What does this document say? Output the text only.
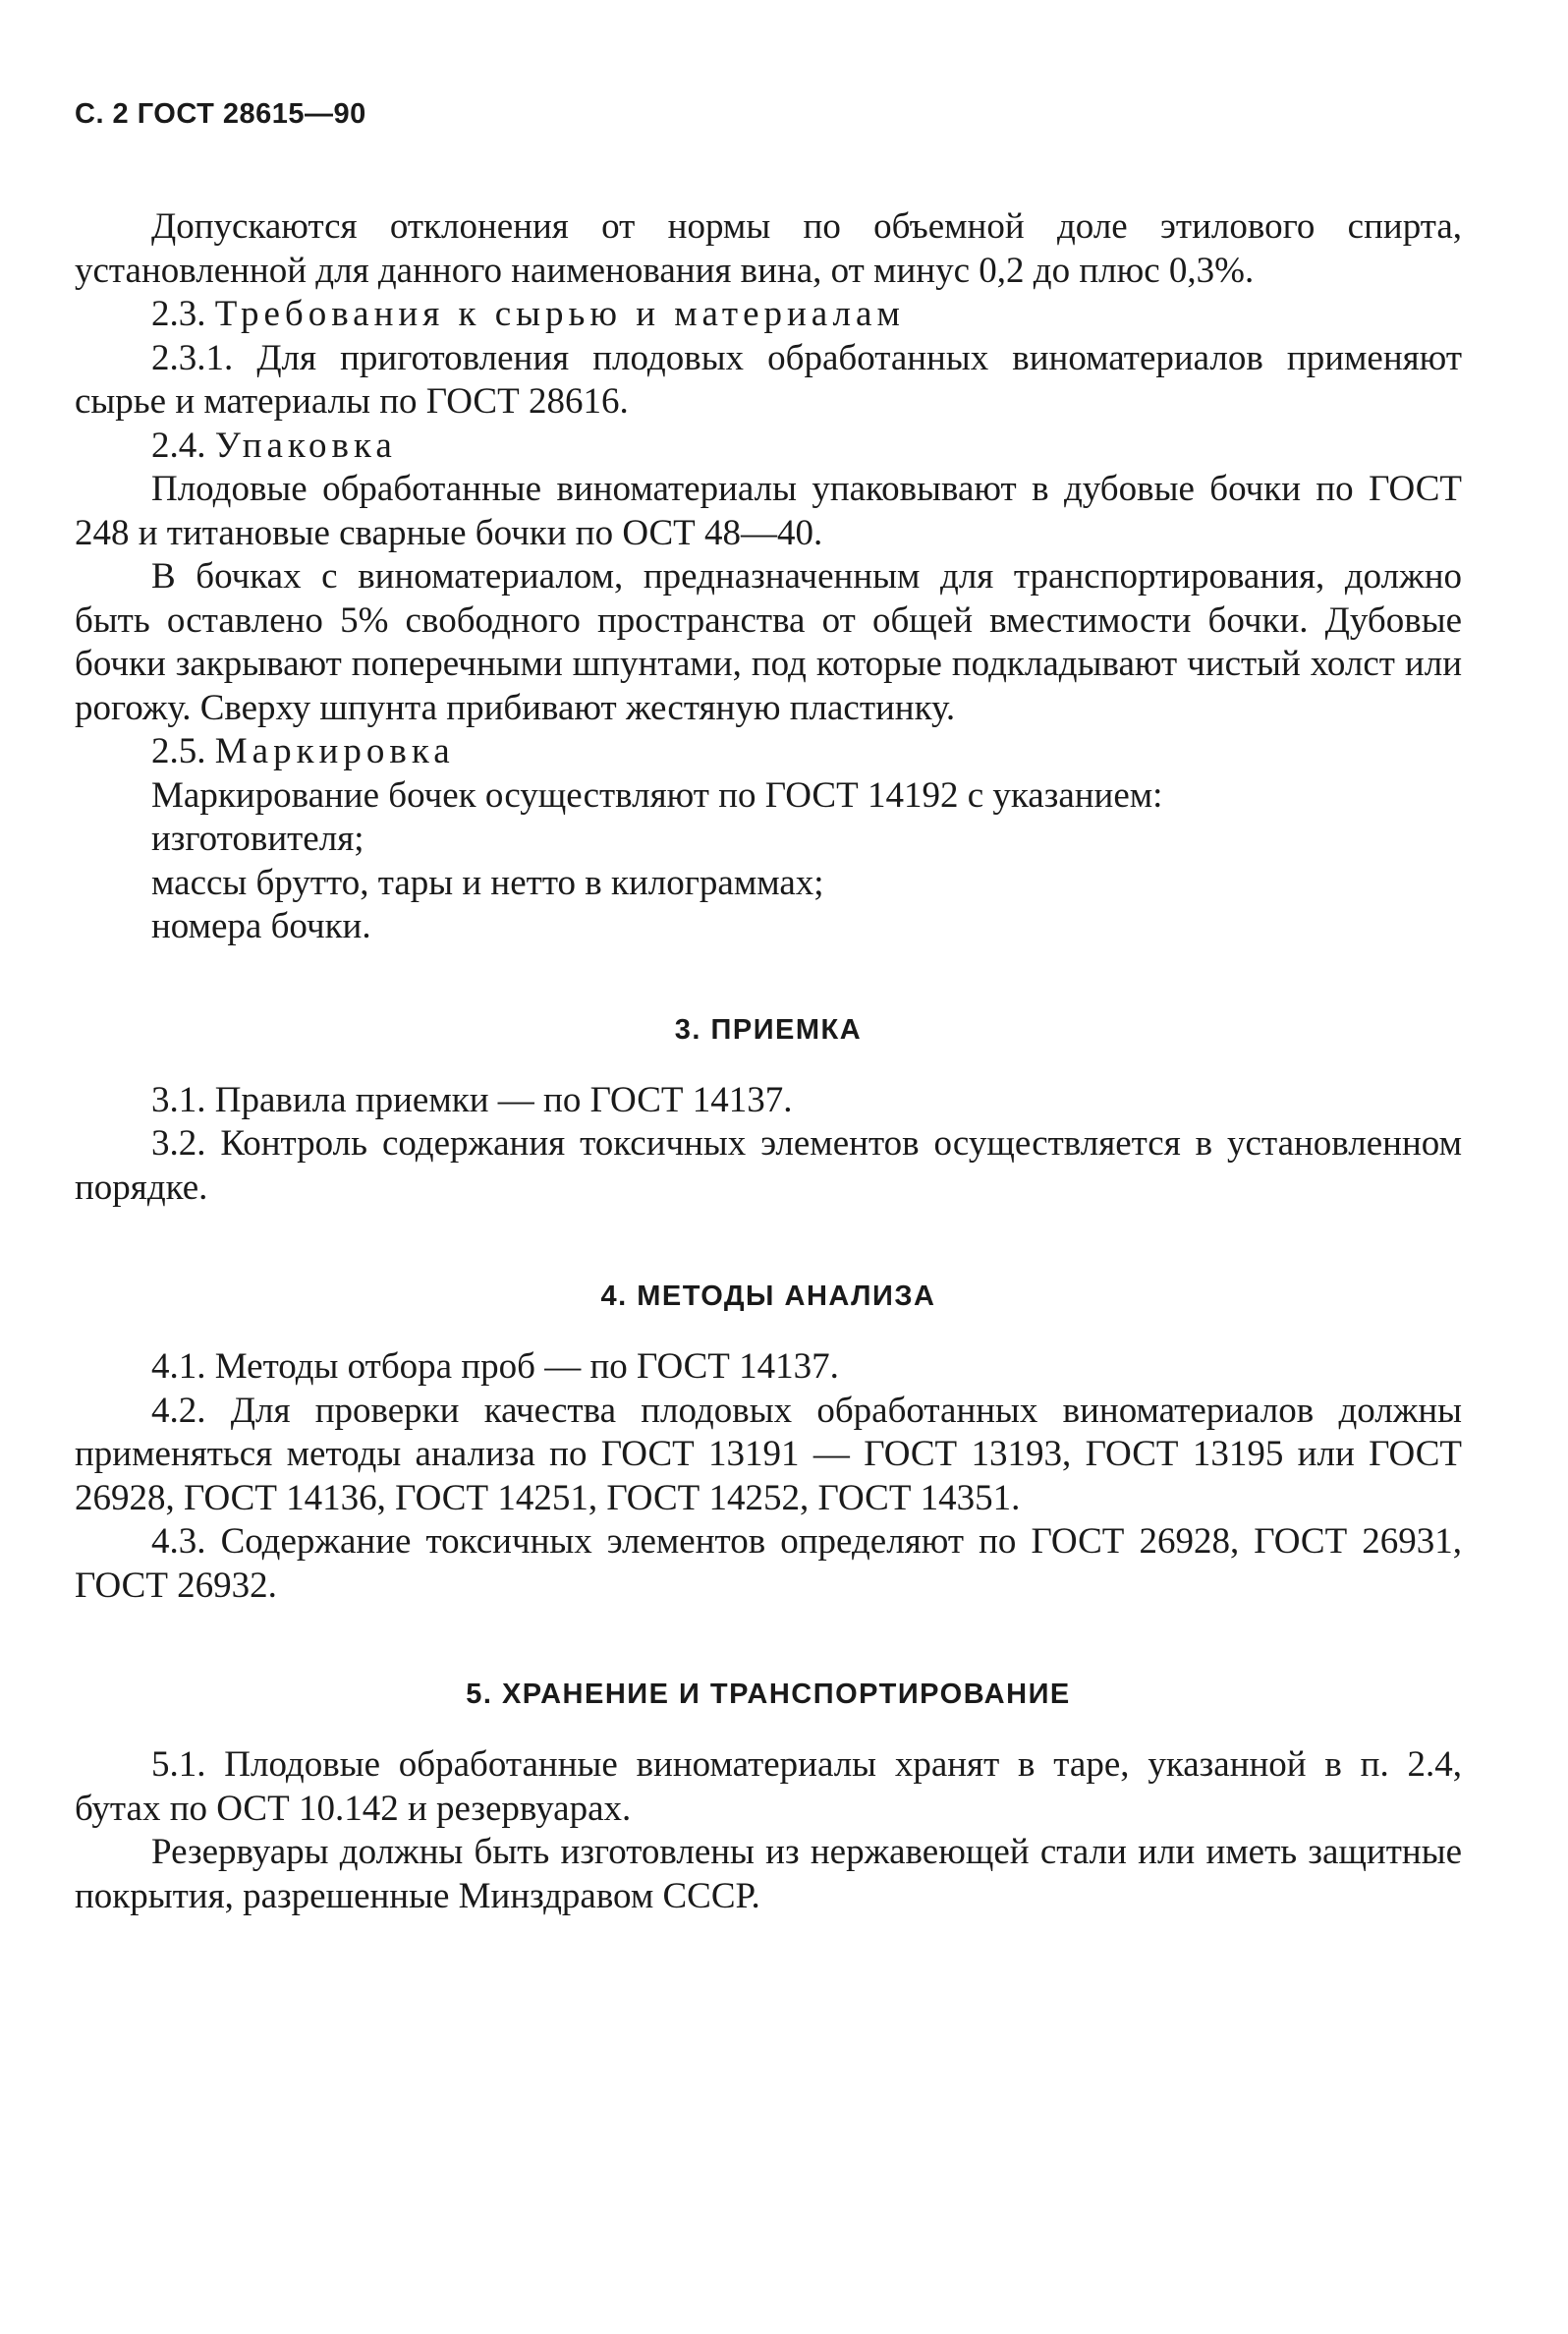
С. 2 ГОСТ 28615—90

Допускаются отклонения от нормы по объемной доле этилового спирта, установленной для данного наименования вина, от минус 0,2 до плюс 0,3%.

2.3. Требования к сырью и материалам

2.3.1. Для приготовления плодовых обработанных виноматериалов применяют сырье и материалы по ГОСТ 28616.

2.4. Упаковка

Плодовые обработанные виноматериалы упаковывают в дубовые бочки по ГОСТ 248 и титановые сварные бочки по ОСТ 48—40.

В бочках с виноматериалом, предназначенным для транспортирования, должно быть оставлено 5% свободного пространства от общей вместимости бочки. Дубовые бочки закрывают поперечными шпунтами, под которые подкладывают чистый холст или рогожу. Сверху шпунта прибивают жестяную пластинку.

2.5. Маркировка

Маркирование бочек осуществляют по ГОСТ 14192 с указанием:

изготовителя;

массы брутто, тары и нетто в килограммах;

номера бочки.

3. ПРИЕМКА

3.1. Правила приемки — по ГОСТ 14137.

3.2. Контроль содержания токсичных элементов осуществляется в установленном порядке.

4. МЕТОДЫ АНАЛИЗА

4.1. Методы отбора проб — по ГОСТ 14137.

4.2. Для проверки качества плодовых обработанных виноматериалов должны применяться методы анализа по ГОСТ 13191 — ГОСТ 13193, ГОСТ 13195 или ГОСТ 26928, ГОСТ 14136, ГОСТ 14251, ГОСТ 14252, ГОСТ 14351.

4.3. Содержание токсичных элементов определяют по ГОСТ 26928, ГОСТ 26931, ГОСТ 26932.

5. ХРАНЕНИЕ И ТРАНСПОРТИРОВАНИЕ

5.1. Плодовые обработанные виноматериалы хранят в таре, указанной в п. 2.4, бутах по ОСТ 10.142 и резервуарах.

Резервуары должны быть изготовлены из нержавеющей стали или иметь защитные покрытия, разрешенные Минздравом СССР.
